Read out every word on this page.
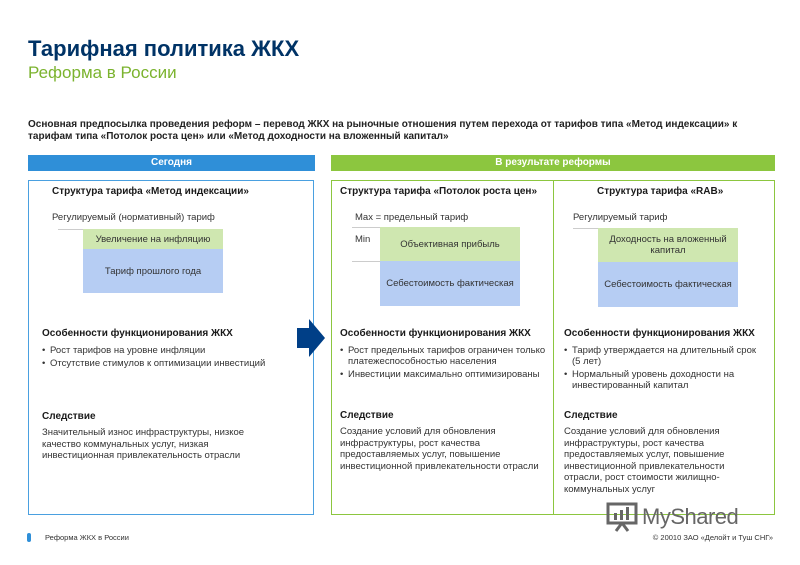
Тарифная политика ЖКХ
Реформа в России
Основная предпосылка проведения реформ – перевод ЖКХ на рыночные отношения путем перехода от тарифов типа «Метод индексации» к тарифам типа «Потолок роста цен» или «Метод доходности на вложенный капитал»
Сегодня	В результате реформы
Структура тарифа «Метод индексации»
Регулируемый (нормативный) тариф
Увеличение на инфляцию
Тариф прошлого года
Особенности функционирования ЖКХ
• Рост тарифов на уровне инфляции
• Отсутствие стимулов к оптимизации инвестиций
Следствие
Значительный износ инфраструктуры, низкое качество коммунальных услуг, низкая инвестиционная привлекательность отрасли
Структура тарифа «Потолок роста цен»
Max = предельный тариф
Min	Объективная прибыль
Себестоимость фактическая
Особенности функционирования ЖКХ
• Рост предельных тарифов ограничен только платежеспособностью населения
• Инвестиции максимально оптимизированы
Следствие
Создание условий для обновления инфраструктуры, рост качества предоставляемых услуг, повышение инвестиционной привлекательности отрасли
Структура тарифа «RAB»
Регулируемый тариф
Доходность на вложенный капитал
Себестоимость фактическая
Особенности функционирования ЖКХ
• Тариф утверждается на длительный срок (5 лет)
• Нормальный уровень доходности на инвестированный капитал
Следствие
Создание условий для обновления инфраструктуры, рост качества предоставляемых услуг, повышение инвестиционной привлекательности отрасли, рост стоимости жилищно-коммунальных услуг
MyShared
Реформа ЖКХ в России	© 20010 ЗАО «Делойт и Туш СНГ»
